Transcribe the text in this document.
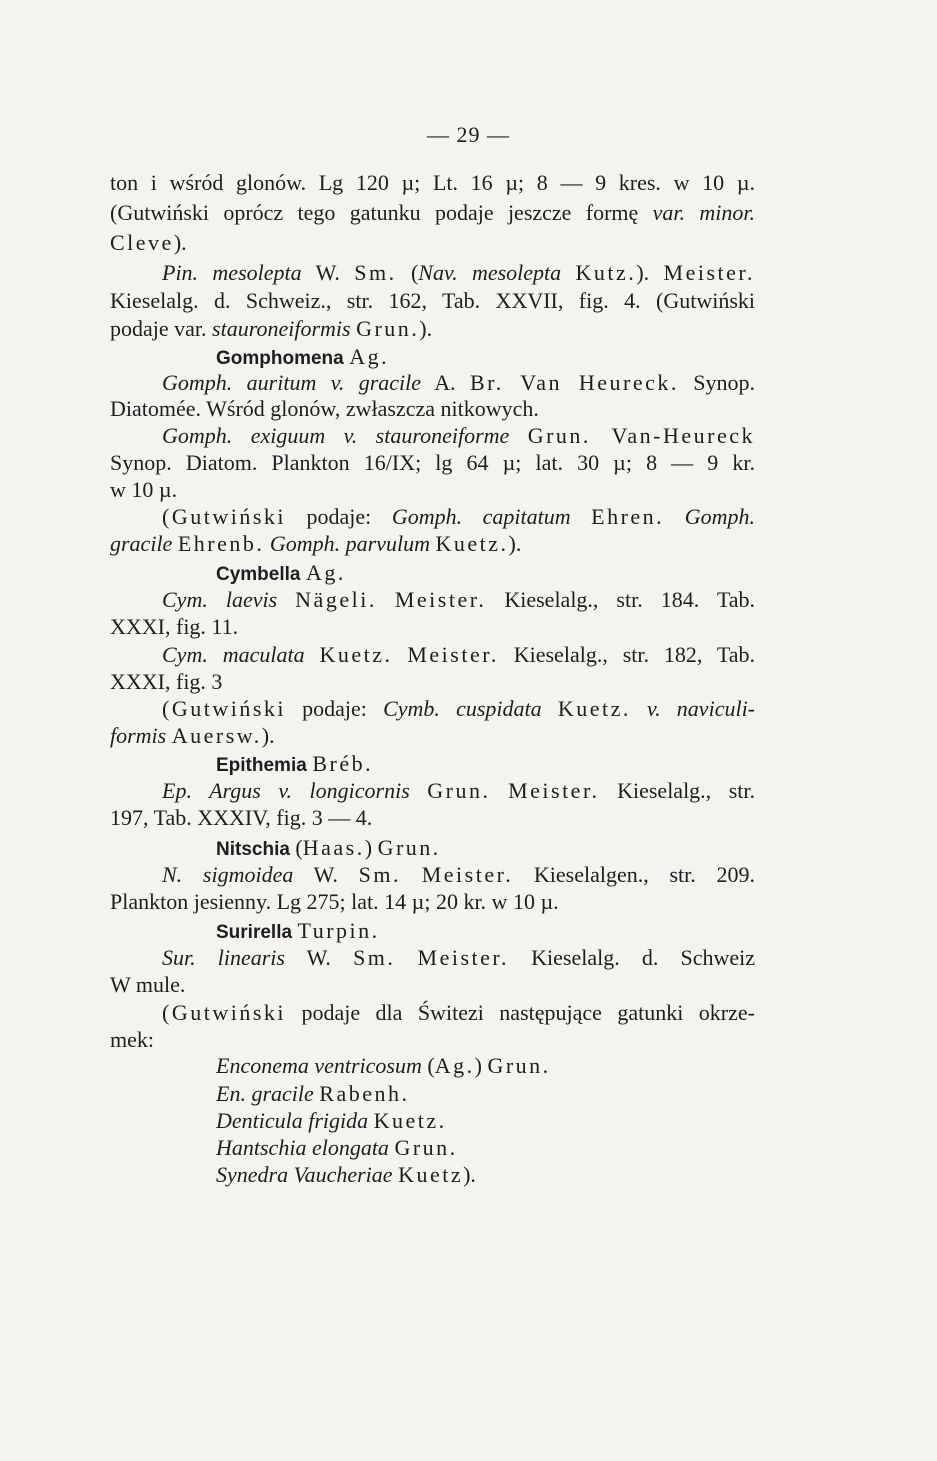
— 29 —
ton i wśród glonów. Lg 120 µ; Lt. 16 µ; 8 — 9 kres. w 10 µ.
(Gutwiński oprócz tego gatunku podaje jeszcze formę var. minor.
Cleve).
Pin. mesolepta W. Sm. (Nav. mesolepta Kutz.). Meister.
Kieselalg. d. Schweiz., str. 162, Tab. XXVII, fig. 4. (Gutwiński
podaje var. stauroneiformis Grun.).
Gomphomena Ag.
Gomph. auritum v. gracile A. Br. Van Heureck. Synop.
Diatomée. Wśród glonów, zwłaszcza nitkowych.
Gomph. exiguum v. stauroneiforme Grun. Van-Heureck
Synop. Diatom. Plankton 16/IX; lg 64 µ; lat. 30 µ; 8 — 9 kr.
w 10 µ.
(Gutwiński podaje: Gomph. capitatum Ehren. Gomph.
gracile Ehrenb. Gomph. parvulum Kuetz.).
Cymbella Ag.
Cym. laevis Nägeli. Meister. Kieselalg., str. 184. Tab.
XXXI, fig. 11.
Cym. maculata Kuetz. Meister. Kieselalg., str. 182, Tab.
XXXI, fig. 3
(Gutwiński podaje: Cymb. cuspidata Kuetz. v. naviculi-
formis Auersw.).
Epithemia Bréb.
Ep. Argus v. longicornis Grun. Meister. Kieselalg., str.
197, Tab. XXXIV, fig. 3 — 4.
Nitschia (Haas.) Grun.
N. sigmoidea W. Sm. Meister. Kieselalgen., str. 209.
Plankton jesienny. Lg 275; lat. 14 µ; 20 kr. w 10 µ.
Surirella Turpin.
Sur. linearis W. Sm. Meister. Kieselalg. d. Schweiz
W mule.
(Gutwiński podaje dla Świtezi następujące gatunki okrze-
mek:
Enconema ventricosum (Ag.) Grun.
En. gracile Rabenh.
Denticula frigida Kuetz.
Hantschia elongata Grun.
Synedra Vaucheriae Kuetz).
